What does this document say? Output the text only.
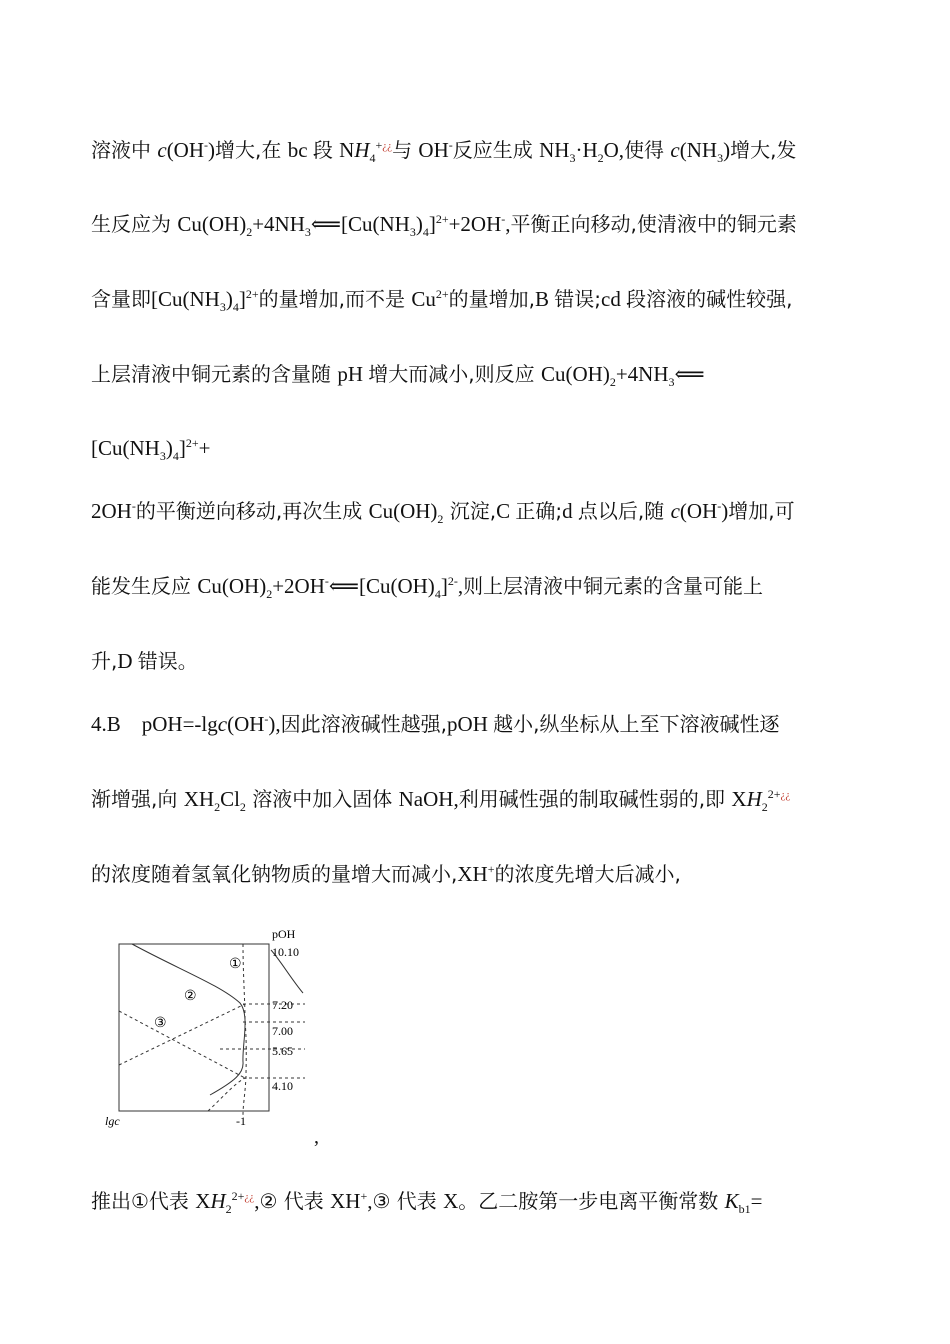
溶液中 c(OH-)增大,在 bc 段 $NH_4^{+¿¿}$与 OH-反应生成 $NH_3\cdot H_2O$,使得 $c(NH_3)$增大,发
生反应为 $Cu(OH)_2+4NH_3⟸[Cu(NH_3)_4]^{2+}+2OH^-$,平衡正向移动,使清液中的铜元素
含量即$[Cu(NH_3)_4]^{2+}$的量增加,而不是 $Cu^{2+}$的量增加,B 错误;cd 段溶液的碱性较强,
上层清液中铜元素的含量随 pH 增大而减小,则反应 $Cu(OH)_2+4NH_3⟸$
$[Cu(NH_3)_4]^{2+}+$
2OH-的平衡逆向移动,再次生成 $Cu(OH)_2$ 沉淀,C 正确;d 点以后,随 c(OH-)增加,可
能发生反应 $Cu(OH)_2+2OH^-⟸[Cu(OH)_4]^{2-}$,则上层清液中铜元素的含量可能上
升,D 错误。
4.B    pOH=-lgc(OH-),因此溶液碱性越强,pOH 越小,纵坐标从上至下溶液碱性逐
渐增强,向 $XH_2Cl_2$ 溶液中加入固体 NaOH,利用碱性强的制取碱性弱的,即 $XH_2^{2+¿¿}$
的浓度随着氢氧化钠物质的量增大而减小,XH+的浓度先增大后减小,
pOH
10.10
7.20
7.00
5.65
4.10
①
②
③
lgc	-1
,
推出①代表 $XH_2^{2+¿¿},②$ 代表 XH+,③ 代表 X。乙二胺第一步电离平衡常数 $K_{b1}=$
